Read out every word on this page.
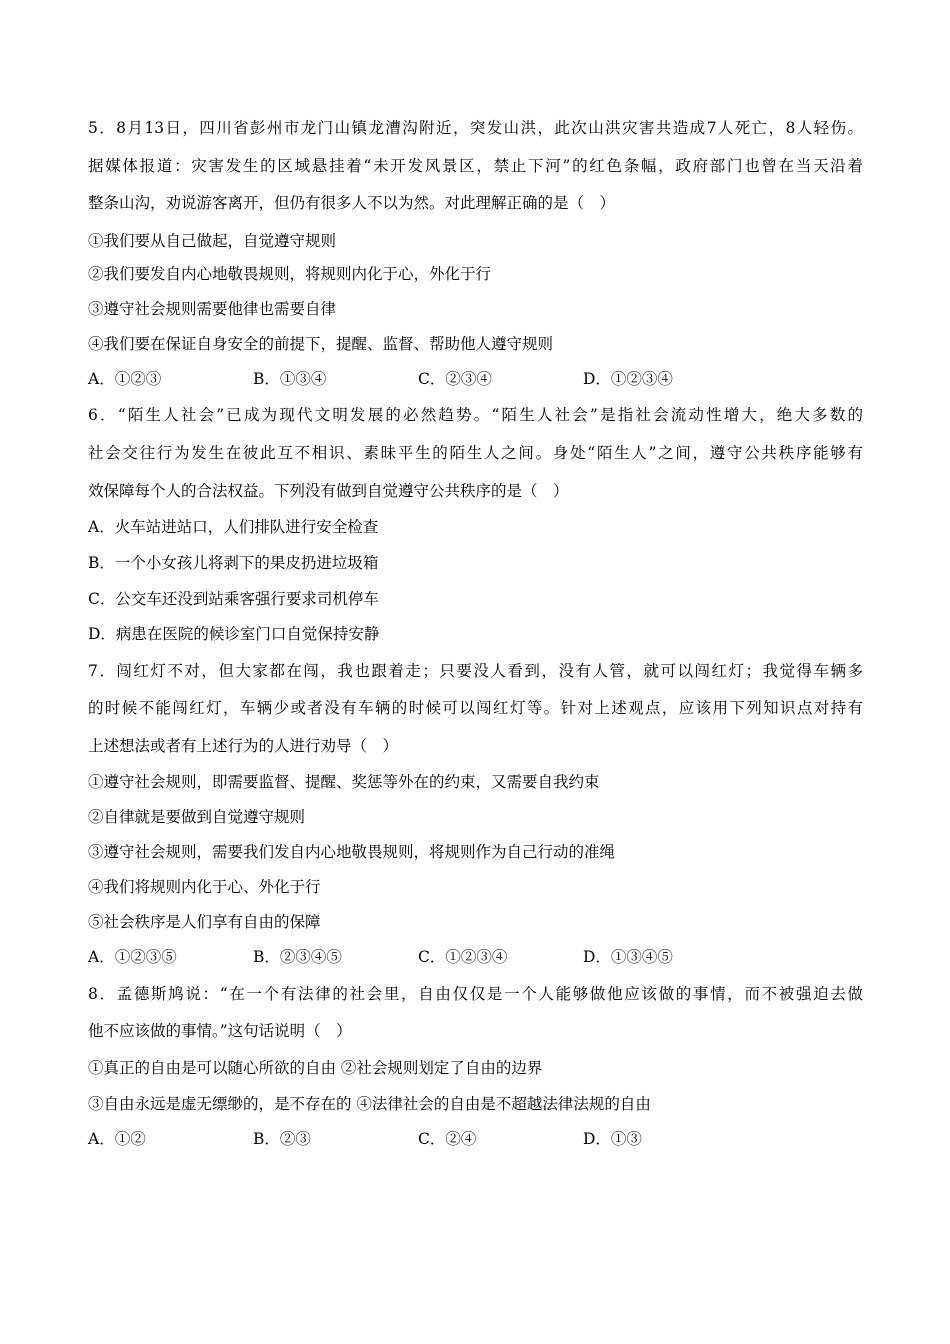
5．8月13日，四川省彭州市龙门山镇龙漕沟附近，突发山洪，此次山洪灾害共造成7人死亡，8人轻伤。
据媒体报道：灾害发生的区域悬挂着“未开发风景区，禁止下河”的红色条幅，政府部门也曾在当天沿着
整条山沟，劝说游客离开，但仍有很多人不以为然。对此理解正确的是（　）
①我们要从自己做起，自觉遵守规则
②我们要发自内心地敬畏规则，将规则内化于心，外化于行
③遵守社会规则需要他律也需要自律
④我们要在保证自身安全的前提下，提醒、监督、帮助他人遵守规则
A．①②③	B．①③④	C．②③④	D．①②③④
6．“陌生人社会”已成为现代文明发展的必然趋势。“陌生人社会”是指社会流动性增大，绝大多数的
社会交往行为发生在彼此互不相识、素昧平生的陌生人之间。身处“陌生人”之间，遵守公共秩序能够有
效保障每个人的合法权益。下列没有做到自觉遵守公共秩序的是（　）
A．火车站进站口，人们排队进行安全检查
B．一个小女孩儿将剥下的果皮扔进垃圾箱
C．公交车还没到站乘客强行要求司机停车
D．病患在医院的候诊室门口自觉保持安静
7．闯红灯不对，但大家都在闯，我也跟着走；只要没人看到，没有人管，就可以闯红灯；我觉得车辆多
的时候不能闯红灯，车辆少或者没有车辆的时候可以闯红灯等。针对上述观点，应该用下列知识点对持有
上述想法或者有上述行为的人进行劝导（　）
①遵守社会规则，即需要监督、提醒、奖惩等外在的约束，又需要自我约束
②自律就是要做到自觉遵守规则
③遵守社会规则，需要我们发自内心地敬畏规则，将规则作为自己行动的准绳
④我们将规则内化于心、外化于行
⑤社会秩序是人们享有自由的保障
A．①②③⑤	B．②③④⑤	C．①②③④	D．①③④⑤
8．孟德斯鸠说：“在一个有法律的社会里，自由仅仅是一个人能够做他应该做的事情，而不被强迫去做
他不应该做的事情。”这句话说明（　）
①真正的自由是可以随心所欲的自由 ②社会规则划定了自由的边界
③自由永远是虚无缥缈的，是不存在的 ④法律社会的自由是不超越法律法规的自由
A．①②	B．②③	C．②④	D．①③
